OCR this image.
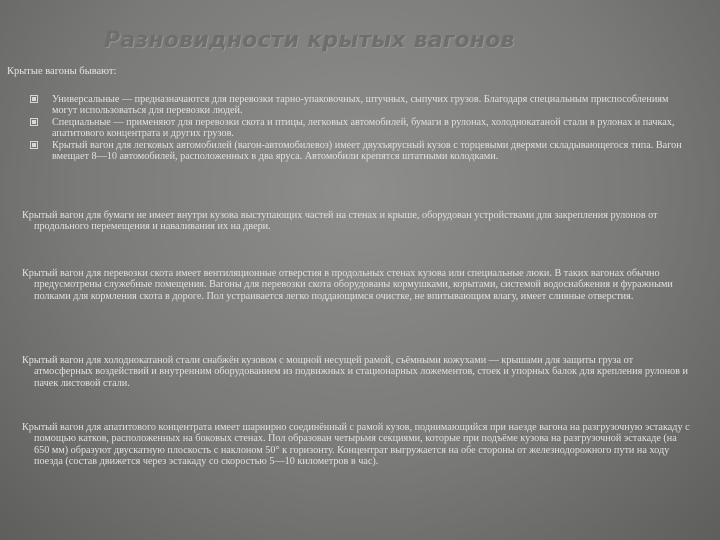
Разновидности крытых вагонов
Крытые вагоны бывают:
Универсальные — предназначаются для перевозки тарно-упаковочных, штучных, сыпучих грузов. Благодаря специальным приспособлениям могут использоваться для перевозки людей.
Специальные — применяют для перевозки скота и птицы, легковых автомобилей, бумаги в рулонах, холоднокатаной стали в рулонах и пачках, апатитового концентрата и других грузов.
Крытый вагон для легковых автомобилей (вагон-автомобилевоз) имеет двухъярусный кузов с торцевыми дверями складывающегося типа. Вагон вмещает 8—10 автомобилей, расположенных в два яруса. Автомобили крепятся штатными колодками.

Крытый вагон для бумаги не имеет внутри кузова выступающих частей на стенах и крыше, оборудован устройствами для закрепления рулонов от продольного перемещения и наваливания их на двери.

Крытый вагон для перевозки скота имеет вентиляционные отверстия в продольных стенах кузова или специальные люки. В таких вагонах обычно предусмотрены служебные помещения. Вагоны для перевозки скота оборудованы кормушками, корытами, системой водоснабжения и фуражными полками для кормления скота в дороге. Пол устраивается легко поддающимся очистке, не впитывающим влагу, имеет сливные отверстия.

Крытый вагон для холоднокатаной стали снабжён кузовом с мощной несущей рамой, съёмными кожухами — крышами для защиты груза от атмосферных воздействий и внутренним оборудованием из подвижных и стационарных ложементов, стоек и упорных балок для крепления рулонов и пачек листовой стали.

Крытый вагон для апатитового концентрата имеет шарнирно соединённый с рамой кузов, поднимающийся при наезде вагона на разгрузочную эстакаду с помощью катков, расположенных на боковых стенах. Пол образован четырьмя секциями, которые при подъёме кузова на разгрузочной эстакаде (на 650 мм) образуют двускатную плоскость с наклоном 50° к горизонту. Концентрат выгружается на обе стороны от железнодорожного пути на ходу поезда (состав движется через эстакаду со скоростью 5—10 километров в час).
